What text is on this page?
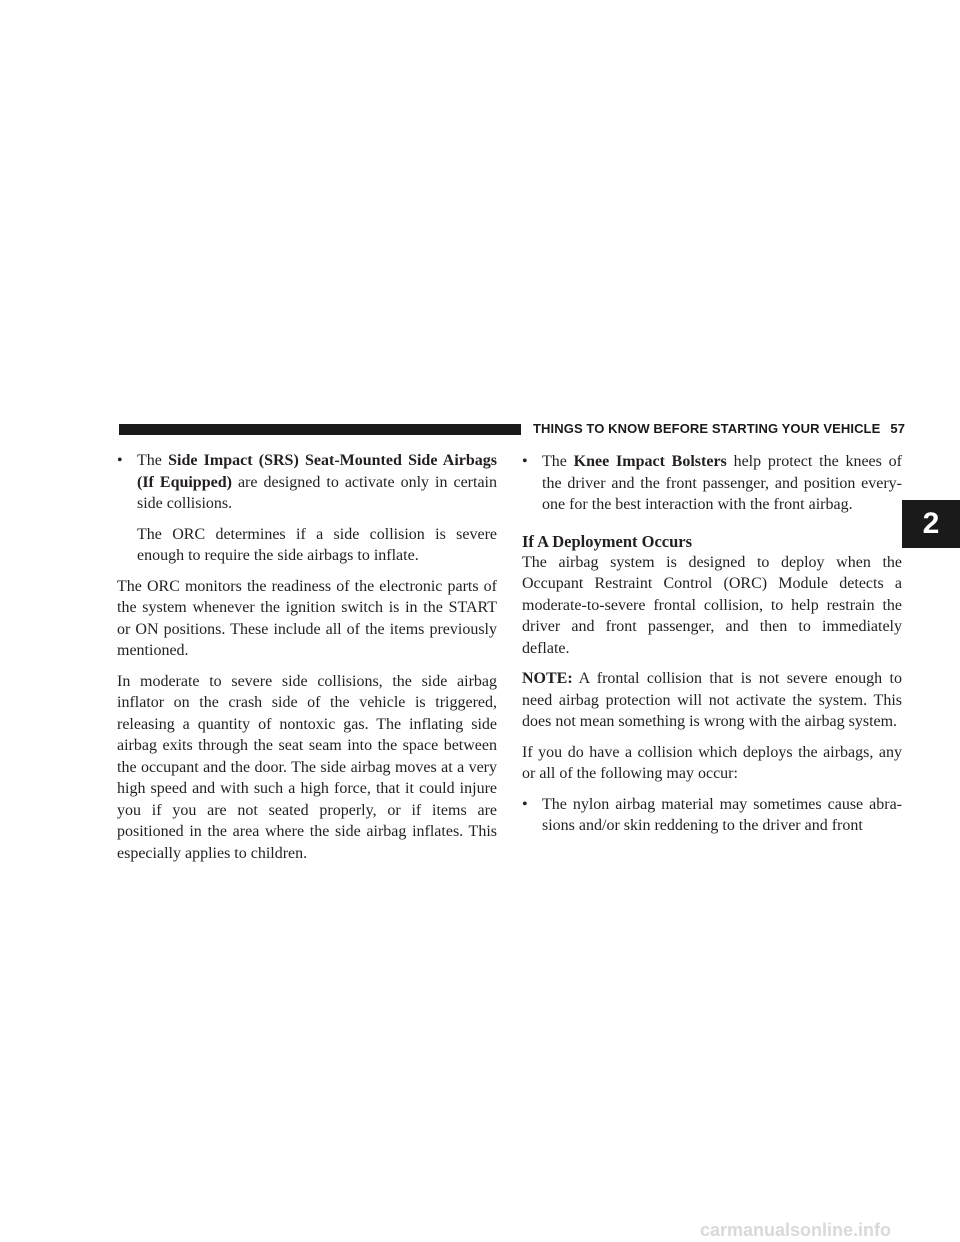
THINGS TO KNOW BEFORE STARTING YOUR VEHICLE 57
2
• The Side Impact (SRS) Seat-Mounted Side Airbags (If Equipped) are designed to activate only in certain side collisions.
The ORC determines if a side collision is severe enough to require the side airbags to inflate.

The ORC monitors the readiness of the electronic parts of the system whenever the ignition switch is in the START or ON positions. These include all of the items previously mentioned.

In moderate to severe side collisions, the side airbag inflator on the crash side of the vehicle is triggered, releasing a quantity of nontoxic gas. The inflating side airbag exits through the seat seam into the space between the occupant and the door. The side airbag moves at a very high speed and with such a high force, that it could injure you if you are not seated properly, or if items are positioned in the area where the side airbag inflates. This especially applies to children.

• The Knee Impact Bolsters help protect the knees of the driver and the front passenger, and position every-one for the best interaction with the front airbag.
If A Deployment Occurs

The airbag system is designed to deploy when the Occupant Restraint Control (ORC) Module detects a moderate-to-severe frontal collision, to help restrain the driver and front passenger, and then to immediately deflate.

NOTE: A frontal collision that is not severe enough to need airbag protection will not activate the system. This does not mean something is wrong with the airbag system.

If you do have a collision which deploys the airbags, any or all of the following may occur:

• The nylon airbag material may sometimes cause abra-sions and/or skin reddening to the driver and front
carmanualsonline.info
